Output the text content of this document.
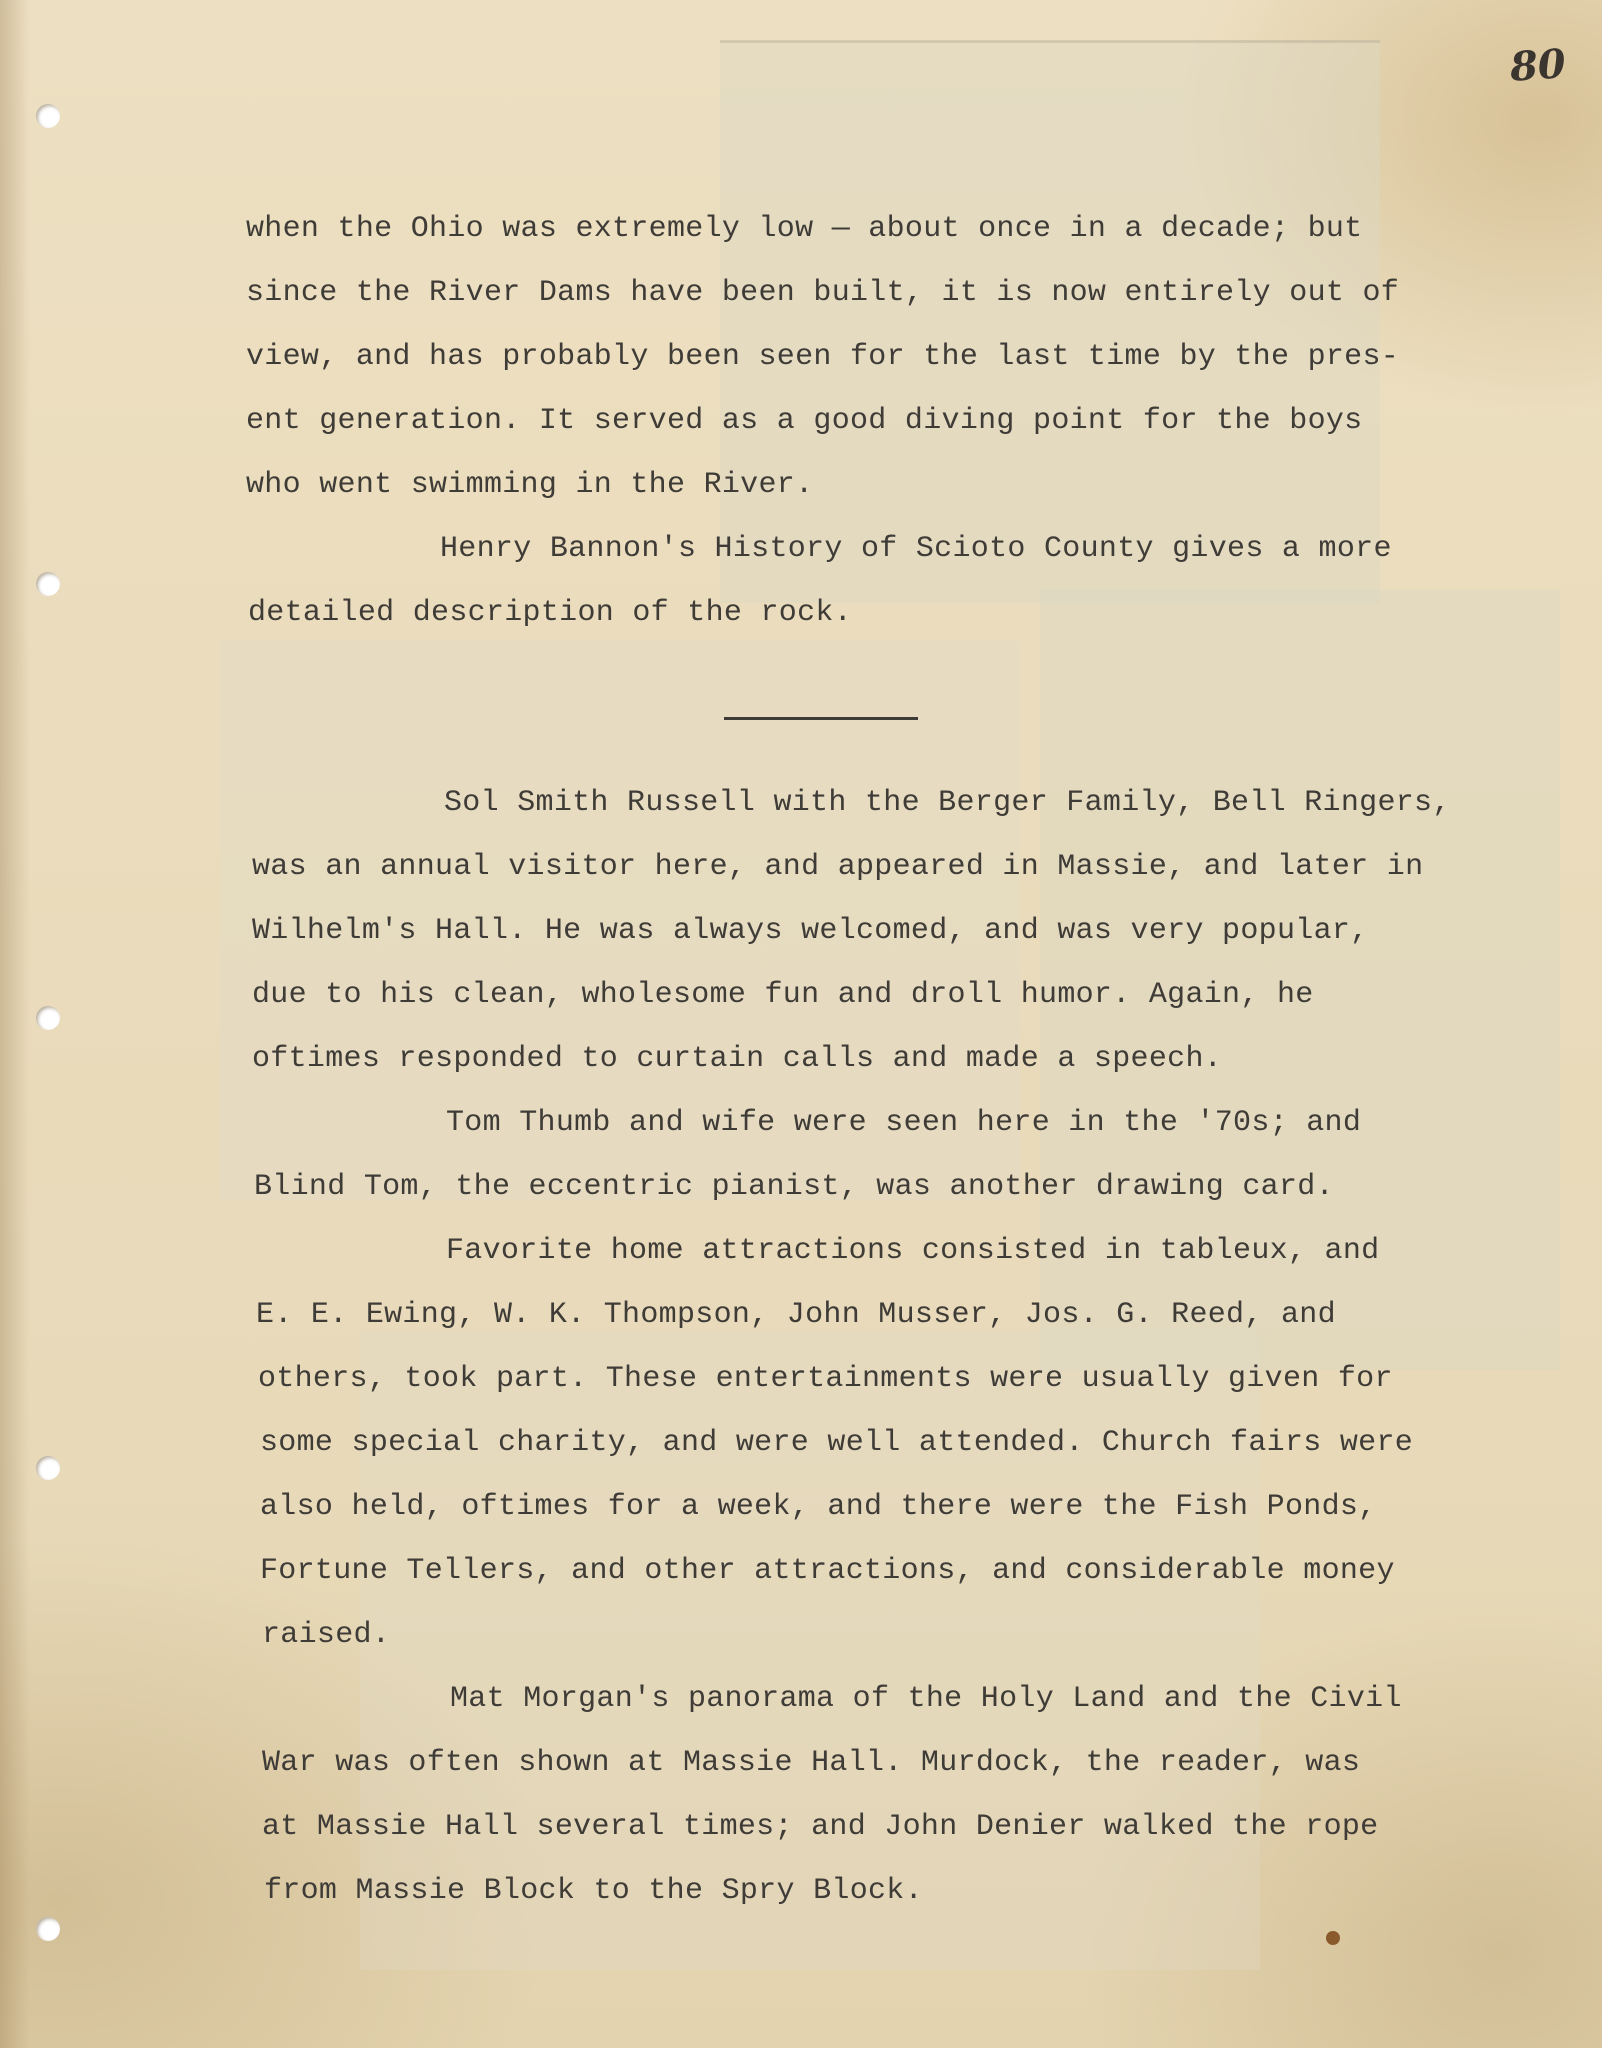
80
when the Ohio was extremely low — about once in a decade; but
since the River Dams have been built, it is now entirely out of
view, and has probably been seen for the last time by the pres-
ent generation. It served as a good diving point for the boys
who went swimming in the River.
Henry Bannon's History of Scioto County gives a more
detailed description of the rock.
Sol Smith Russell with the Berger Family, Bell Ringers,
was an annual visitor here, and appeared in Massie, and later in
Wilhelm's Hall. He was always welcomed, and was very popular,
due to his clean, wholesome fun and droll humor. Again, he
oftimes responded to curtain calls and made a speech.
Tom Thumb and wife were seen here in the '70s; and
Blind Tom, the eccentric pianist, was another drawing card.
Favorite home attractions consisted in tableux, and
E. E. Ewing, W. K. Thompson, John Musser, Jos. G. Reed, and
others, took part. These entertainments were usually given for
some special charity, and were well attended. Church fairs were
also held, oftimes for a week, and there were the Fish Ponds,
Fortune Tellers, and other attractions, and considerable money
raised.
Mat Morgan's panorama of the Holy Land and the Civil
War was often shown at Massie Hall. Murdock, the reader, was
at Massie Hall several times; and John Denier walked the rope
from Massie Block to the Spry Block.
